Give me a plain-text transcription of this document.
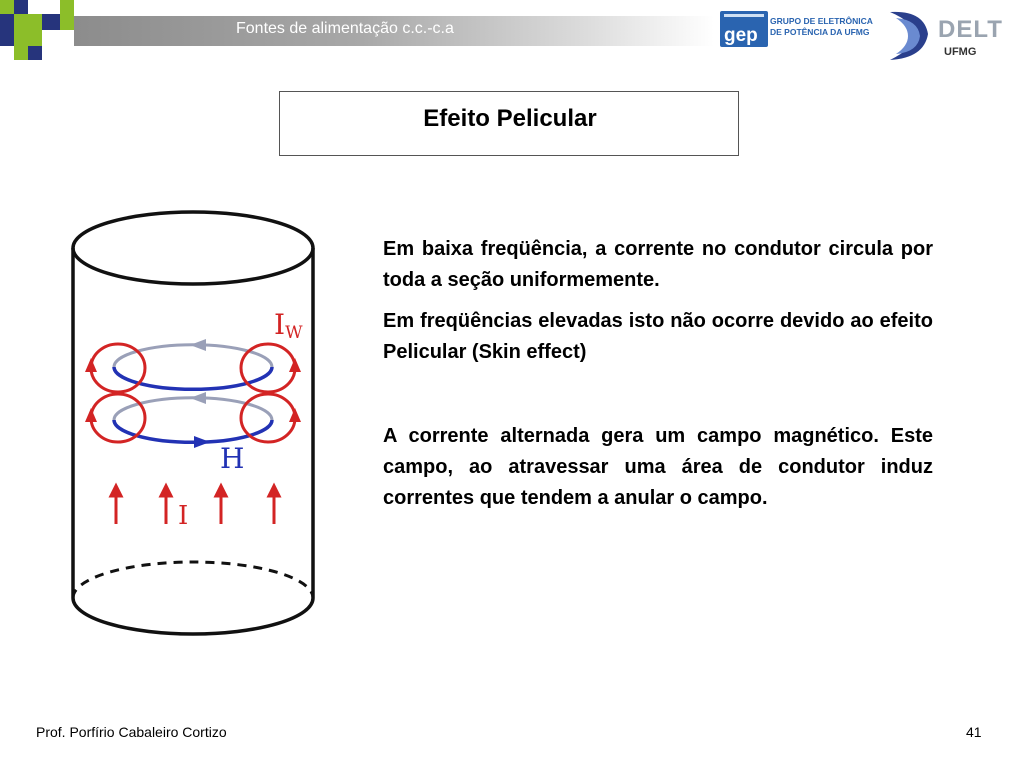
Fontes de alimentação c.c.-c.a	gep
GRUPO DE ELETRÔNICA
DE POTÊNCIA DA UFMG	DELT
UFMG
Efeito Pelicular
IW
H
I

Em baixa freqüência, a corrente no condutor circula por toda a seção uniformemente.

Em freqüências elevadas isto não ocorre devido ao efeito Pelicular (Skin effect)

A corrente alternada gera um campo magnético. Este campo, ao atravessar uma área de condutor induz correntes que tendem a anular o campo.

Prof. Porfírio Cabaleiro Cortizo	41
